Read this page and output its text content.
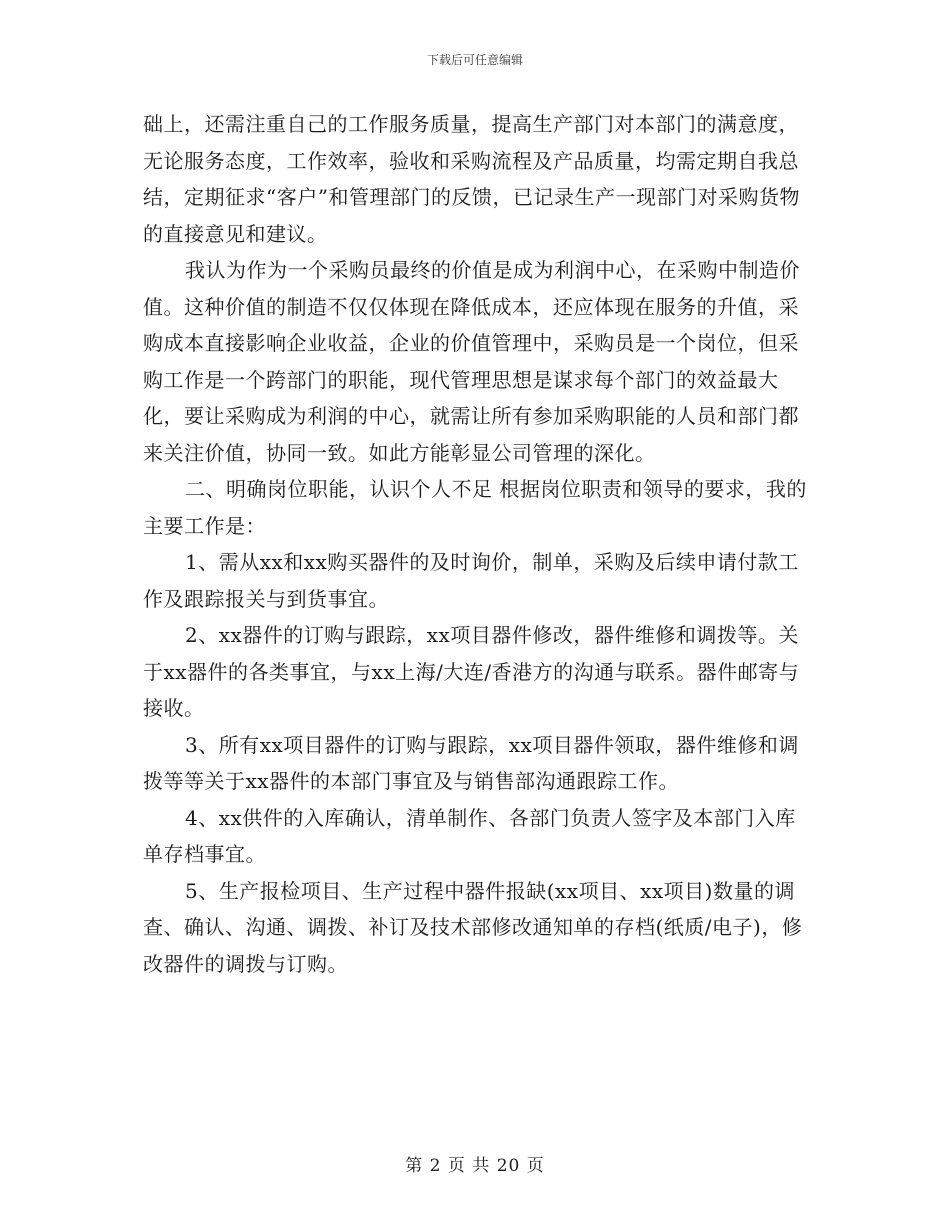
下载后可任意编辑

础上，还需注重自己的工作服务质量，提高生产部门对本部门的满意度，无论服务态度，工作效率，验收和采购流程及产品质量，均需定期自我总结，定期征求“客户”和管理部门的反馈，已记录生产一现部门对采购货物的直接意见和建议。

我认为作为一个采购员最终的价值是成为利润中心，在采购中制造价值。这种价值的制造不仅仅体现在降低成本，还应体现在服务的升值，采购成本直接影响企业收益，企业的价值管理中，采购员是一个岗位，但采购工作是一个跨部门的职能，现代管理思想是谋求每个部门的效益最大化，要让采购成为利润的中心，就需让所有参加采购职能的人员和部门都来关注价值，协同一致。如此方能彰显公司管理的深化。

二、明确岗位职能，认识个人不足 根据岗位职责和领导的要求，我的主要工作是：

1、需从xx和xx购买器件的及时询价，制单，采购及后续申请付款工作及跟踪报关与到货事宜。

2、xx器件的订购与跟踪，xx项目器件修改，器件维修和调拨等。关于xx器件的各类事宜，与xx上海/大连/香港方的沟通与联系。器件邮寄与接收。

3、所有xx项目器件的订购与跟踪，xx项目器件领取，器件维修和调拨等等关于xx器件的本部门事宜及与销售部沟通跟踪工作。

4、xx供件的入库确认，清单制作、各部门负责人签字及本部门入库单存档事宜。

5、生产报检项目、生产过程中器件报缺(xx项目、xx项目)数量的调查、确认、沟通、调拨、补订及技术部修改通知单的存档(纸质/电子)，修改器件的调拨与订购。

第 2 页 共 20 页
